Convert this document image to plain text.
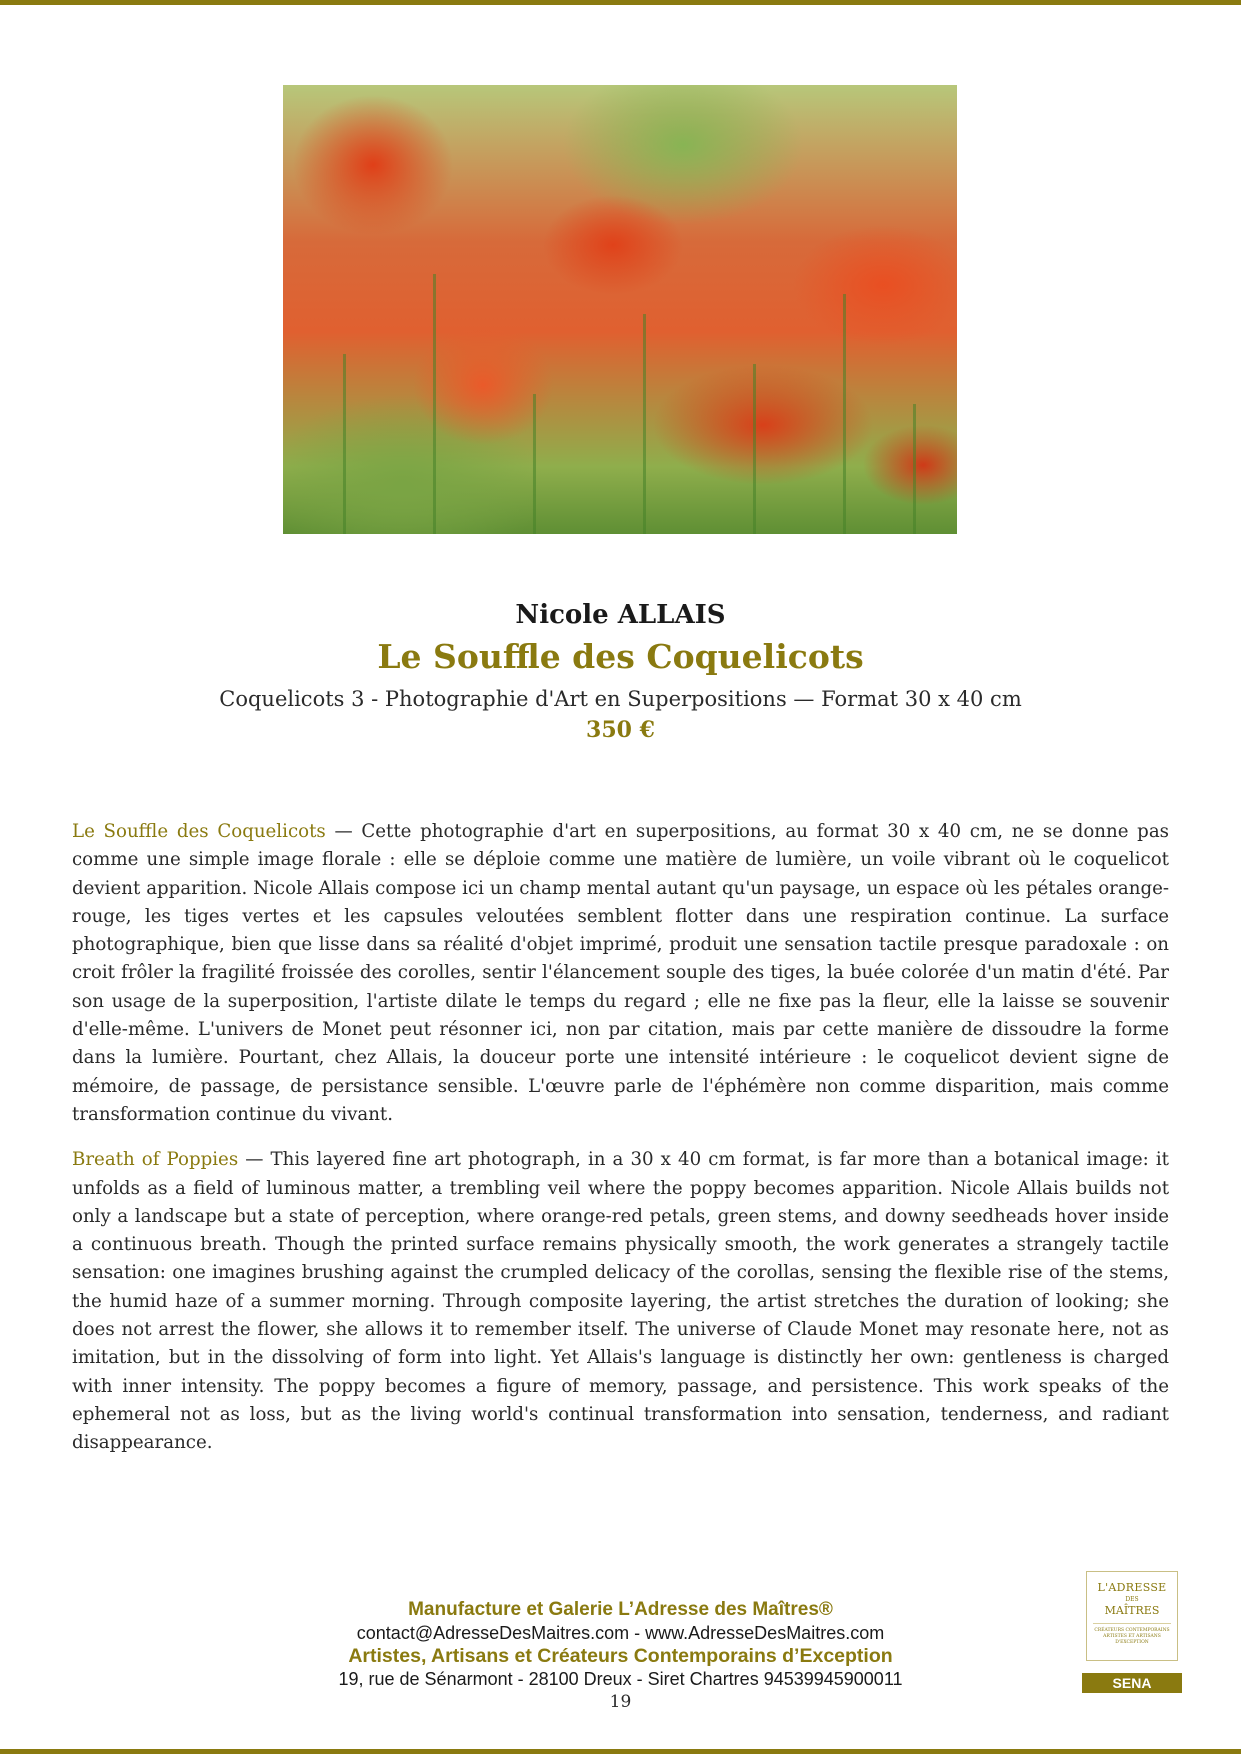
Nicole ALLAIS
Le Souffle des Coquelicots
Coquelicots 3 - Photographie d'Art en Superpositions — Format 30 x 40 cm
350 €

Le Souffle des Coquelicots — Cette photographie d'art en superpositions, au format 30 x 40 cm, ne se donne pas comme une simple image florale : elle se déploie comme une matière de lumière, un voile vibrant où le coquelicot devient apparition. Nicole Allais compose ici un champ mental autant qu'un paysage, un espace où les pétales orange-rouge, les tiges vertes et les capsules veloutées semblent flotter dans une respiration continue. La surface photographique, bien que lisse dans sa réalité d'objet imprimé, produit une sensation tactile presque paradoxale : on croit frôler la fragilité froissée des corolles, sentir l'élancement souple des tiges, la buée colorée d'un matin d'été. Par son usage de la superposition, l'artiste dilate le temps du regard ; elle ne fixe pas la fleur, elle la laisse se souvenir d'elle-même. L'univers de Monet peut résonner ici, non par citation, mais par cette manière de dissoudre la forme dans la lumière. Pourtant, chez Allais, la douceur porte une intensité intérieure : le coquelicot devient signe de mémoire, de passage, de persistance sensible. L'œuvre parle de l'éphémère non comme disparition, mais comme transformation continue du vivant.

Breath of Poppies — This layered fine art photograph, in a 30 x 40 cm format, is far more than a botanical image: it unfolds as a field of luminous matter, a trembling veil where the poppy becomes apparition. Nicole Allais builds not only a landscape but a state of perception, where orange-red petals, green stems, and downy seedheads hover inside a continuous breath. Though the printed surface remains physically smooth, the work generates a strangely tactile sensation: one imagines brushing against the crumpled delicacy of the corollas, sensing the flexible rise of the stems, the humid haze of a summer morning. Through composite layering, the artist stretches the duration of looking; she does not arrest the flower, she allows it to remember itself. The universe of Claude Monet may resonate here, not as imitation, but in the dissolving of form into light. Yet Allais's language is distinctly her own: gentleness is charged with inner intensity. The poppy becomes a figure of memory, passage, and persistence. This work speaks of the ephemeral not as loss, but as the living world's continual transformation into sensation, tenderness, and radiant disappearance.

Manufacture et Galerie L’Adresse des Maîtres®
contact@AdresseDesMaitres.com - www.AdresseDesMaitres.com
Artistes, Artisans et Créateurs Contemporains d’Exception
19, rue de Sénarmont - 28100 Dreux - Siret Chartres 94539945900011
19
L'ADRESSE
DES
MAÎTRES
CRÉATEURS CONTEMPORAINS ARTISTES ET ARTISANS D'EXCEPTION
SENA
